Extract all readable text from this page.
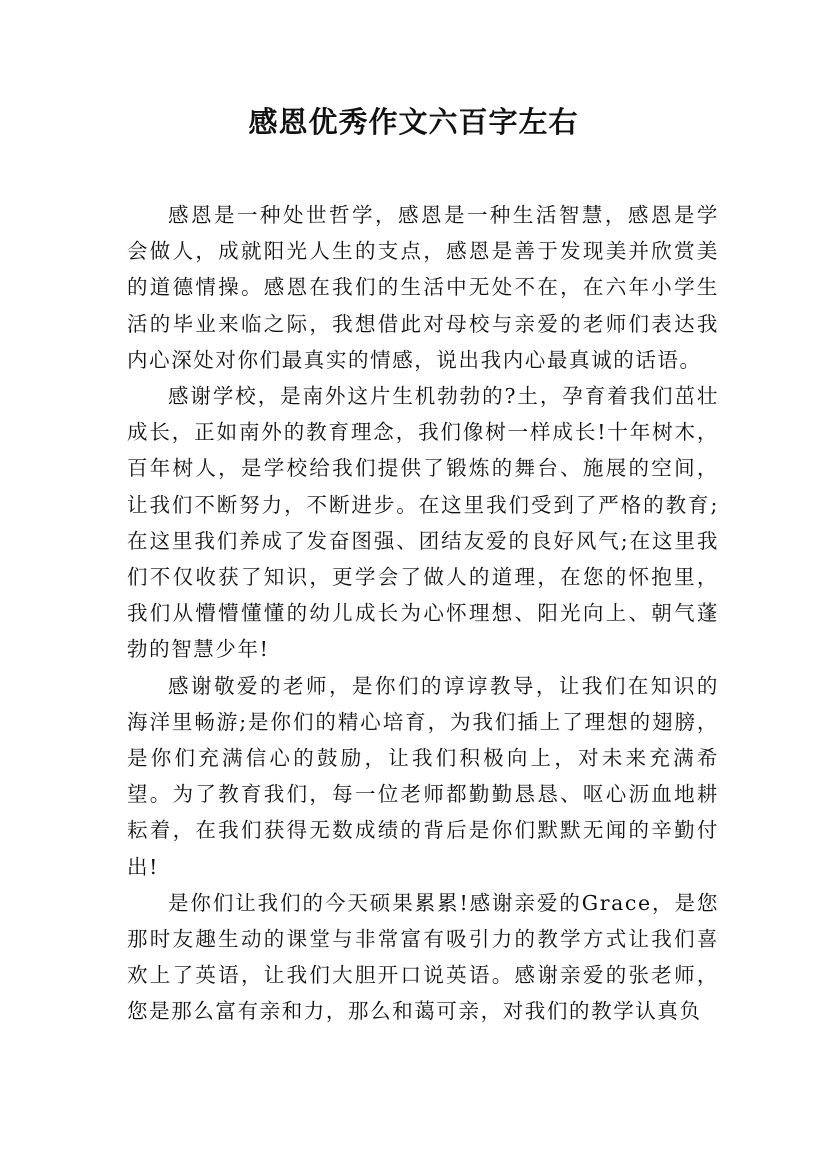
感恩优秀作文六百字左右

感恩是一种处世哲学，感恩是一种生活智慧，感恩是学会做人，成就阳光人生的支点，感恩是善于发现美并欣赏美的道德情操。感恩在我们的生活中无处不在，在六年小学生活的毕业来临之际，我想借此对母校与亲爱的老师们表达我内心深处对你们最真实的情感，说出我内心最真诚的话语。

感谢学校，是南外这片生机勃勃的?土，孕育着我们茁壮成长，正如南外的教育理念，我们像树一样成长!十年树木，百年树人，是学校给我们提供了锻炼的舞台、施展的空间，让我们不断努力，不断进步。在这里我们受到了严格的教育;在这里我们养成了发奋图强、团结友爱的良好风气;在这里我们不仅收获了知识，更学会了做人的道理，在您的怀抱里，我们从懵懵懂懂的幼儿成长为心怀理想、阳光向上、朝气蓬勃的智慧少年!

感谢敬爱的老师，是你们的谆谆教导，让我们在知识的海洋里畅游;是你们的精心培育，为我们插上了理想的翅膀，是你们充满信心的鼓励，让我们积极向上，对未来充满希望。为了教育我们，每一位老师都勤勤恳恳、呕心沥血地耕耘着，在我们获得无数成绩的背后是你们默默无闻的辛勤付出!

是你们让我们的今天硕果累累!感谢亲爱的Grace，是您那时友趣生动的课堂与非常富有吸引力的教学方式让我们喜欢上了英语，让我们大胆开口说英语。感谢亲爱的张老师，您是那么富有亲和力，那么和蔼可亲，对我们的教学认真负
